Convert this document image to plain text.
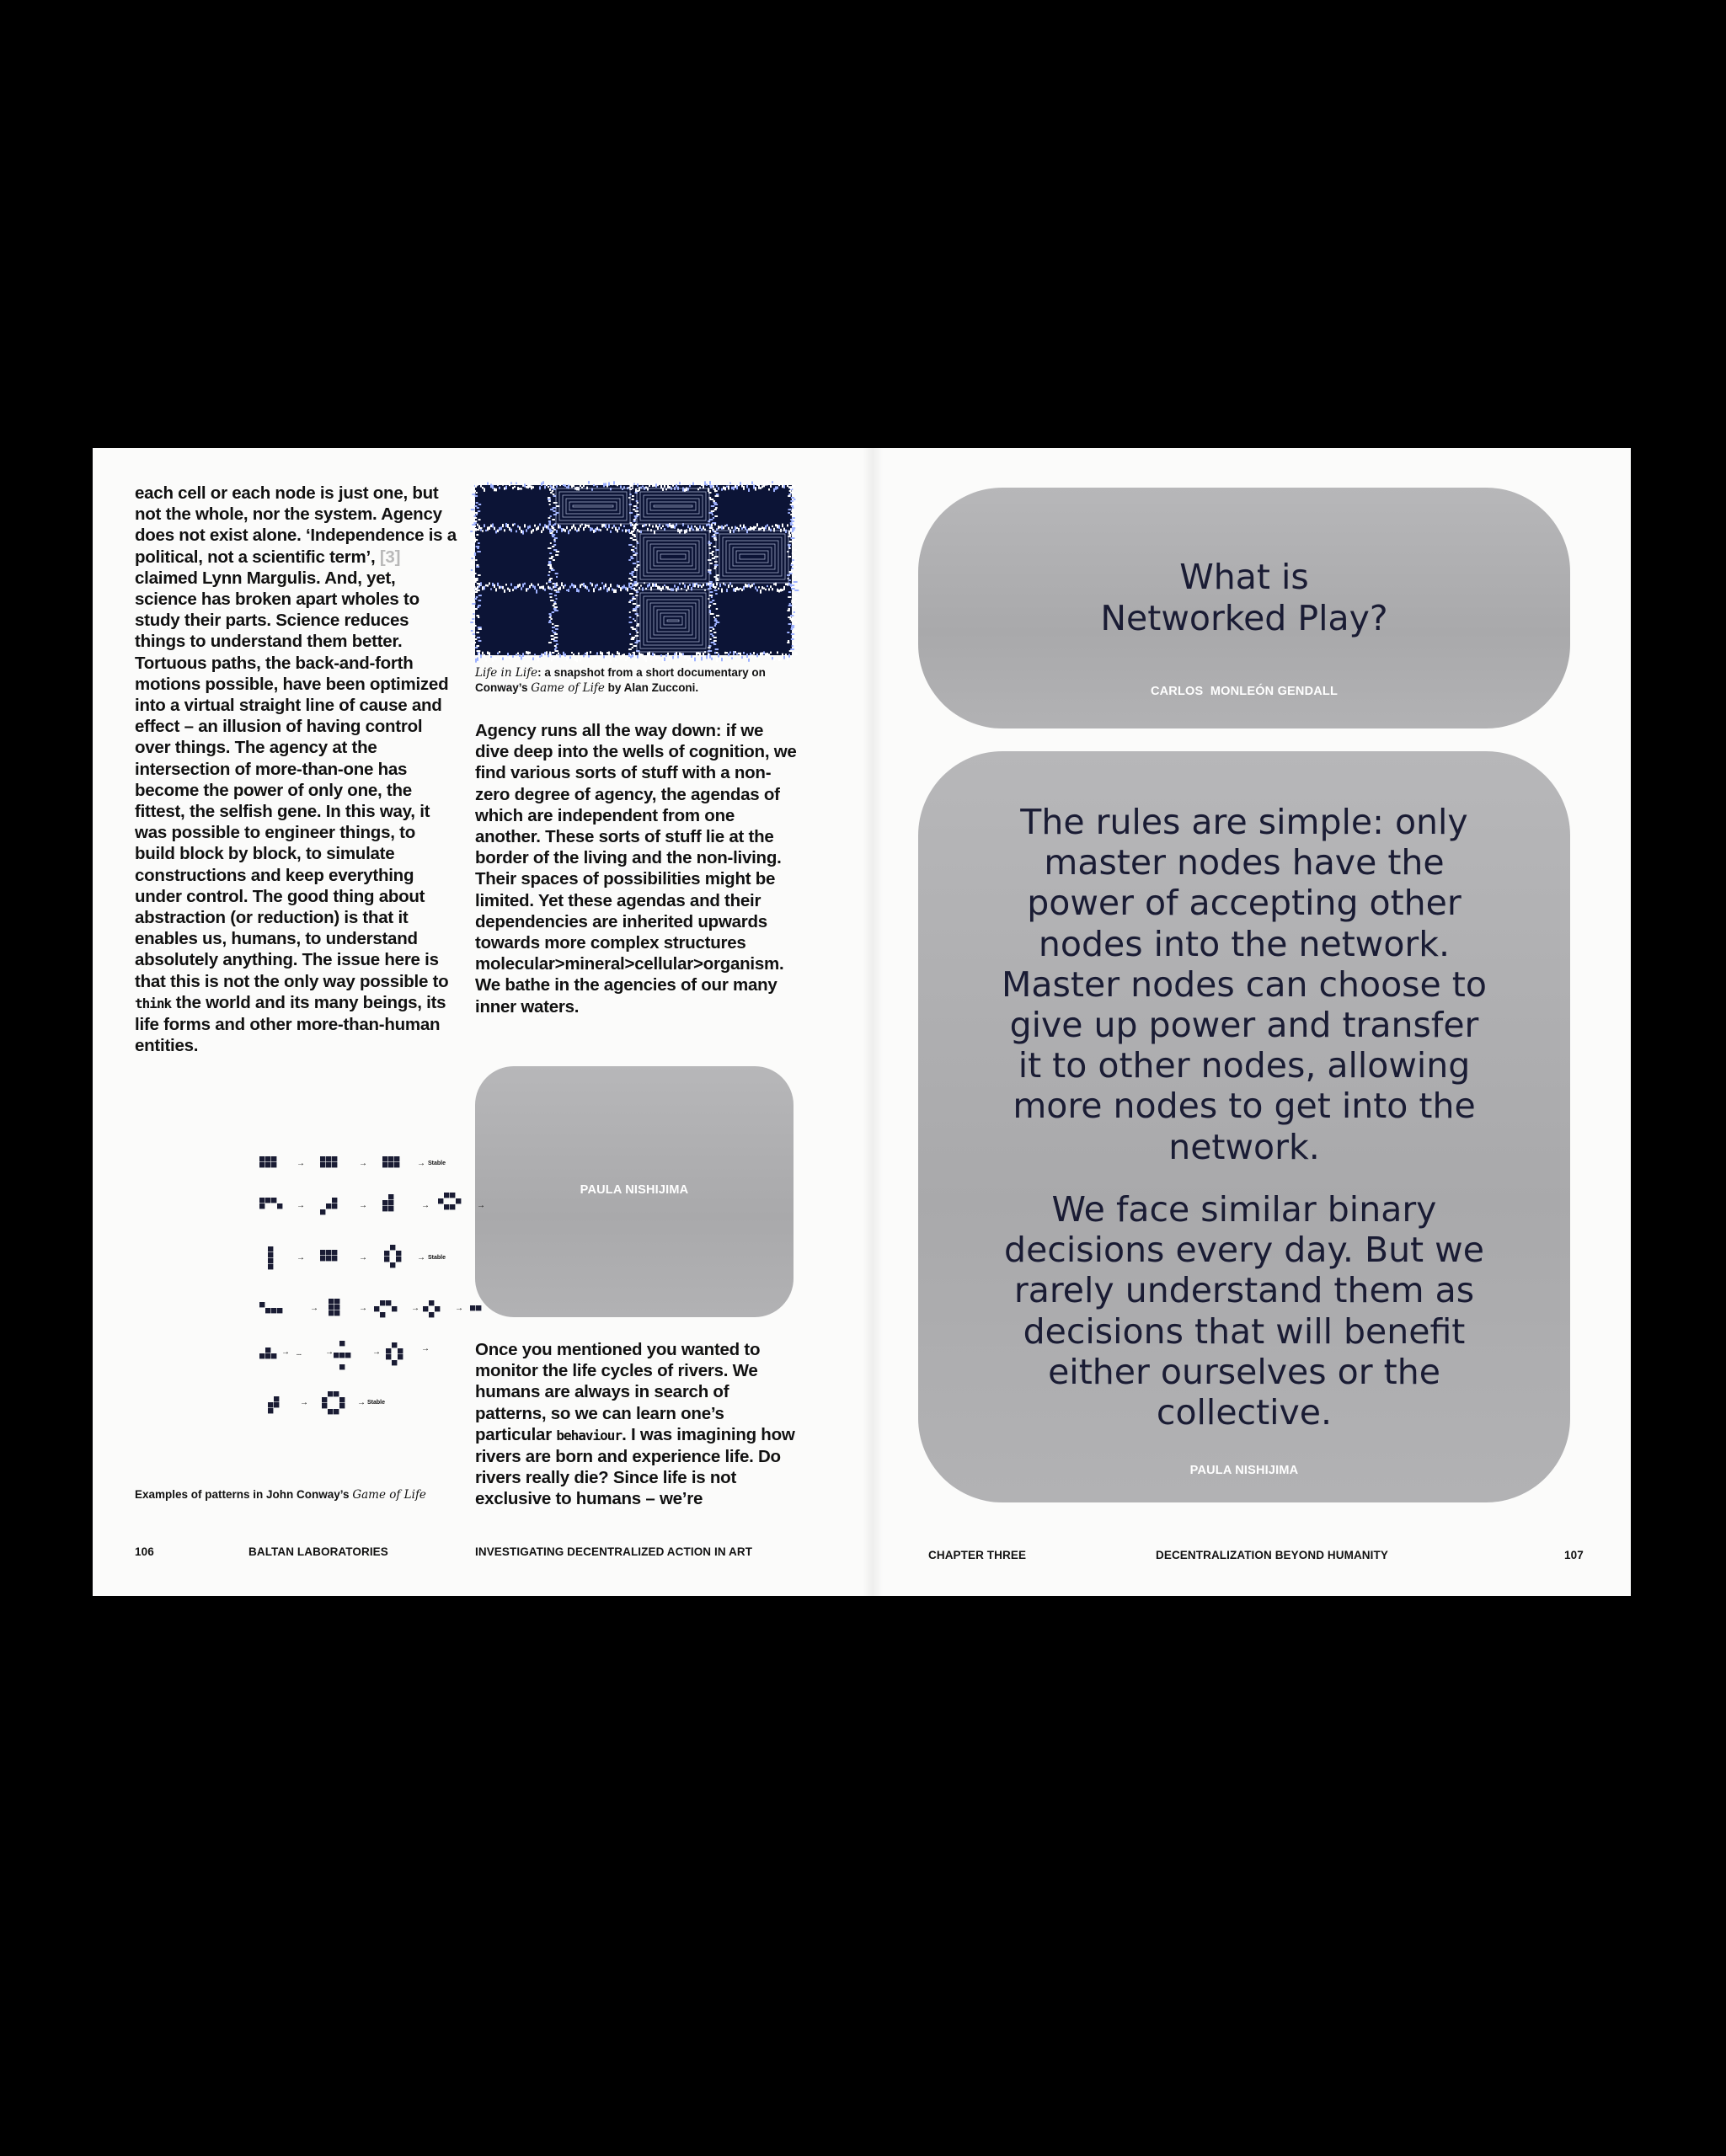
each cell or each node is just one, but not the whole, nor the system. Agency does not exist alone. ‘Independence is a political, not a scientific term’, [3] claimed Lynn Margulis. And, yet, science has broken apart wholes to study their parts. Science reduces things to understand them better. Tortuous paths, the back-and-forth motions possible, have been optimized into a virtual straight line of cause and effect – an illusion of having control over things. The agency at the intersection of more-than-one has become the power of only one, the fittest, the selfish gene. In this way, it was possible to engineer things, to build block by block, to simulate constructions and keep everything under control. The good thing about abstraction (or reduction) is that it enables us, humans, to understand absolutely anything. The issue here is that this is not the only way possible to think the world and its many beings, its life forms and other more-than-human entities.

Life in Life: a snapshot from a short documentary on Conway’s Game of Life by Alan Zucconi.

Agency runs all the way down: if we dive deep into the wells of cognition, we find various sorts of stuff with a non-zero degree of agency, the agendas of which are independent from one another. These sorts of stuff lie at the border of the living and the non-living. Their spaces of possibilities might be limited. Yet these agendas and their dependencies are inherited upwards towards more complex structures molecular>mineral>cellular>organism. We bathe in the agencies of our many inner waters.

PAULA NISHIJIMA

Once you mentioned you wanted to monitor the life cycles of rivers. We humans are always in search of patterns, so we can learn one’s particular behaviour. I was imagining how rivers are born and experience life. Do rivers really die? Since life is not exclusive to humans – we’re

→	→	→ Stable
→	→	→	→
→	→	→ Stable
→	→	→	→
...
→	→	→	→
→	→ Stable

Examples of patterns in John Conway’s Game of Life

106	BALTAN LABORATORIES	INVESTIGATING DECENTRALIZED ACTION IN ART
What is
Networked Play?
CARLOS  MONLEÓN GENDALL
The rules are simple: only
master nodes have the
power of accepting other
nodes into the network.
Master nodes can choose to
give up power and transfer
it to other nodes, allowing
more nodes to get into the
network.
We face similar binary
decisions every day. But we
rarely understand them as
decisions that will benefit
either ourselves or the
collective.
PAULA NISHIJIMA
CHAPTER THREE	DECENTRALIZATION BEYOND HUMANITY	107
